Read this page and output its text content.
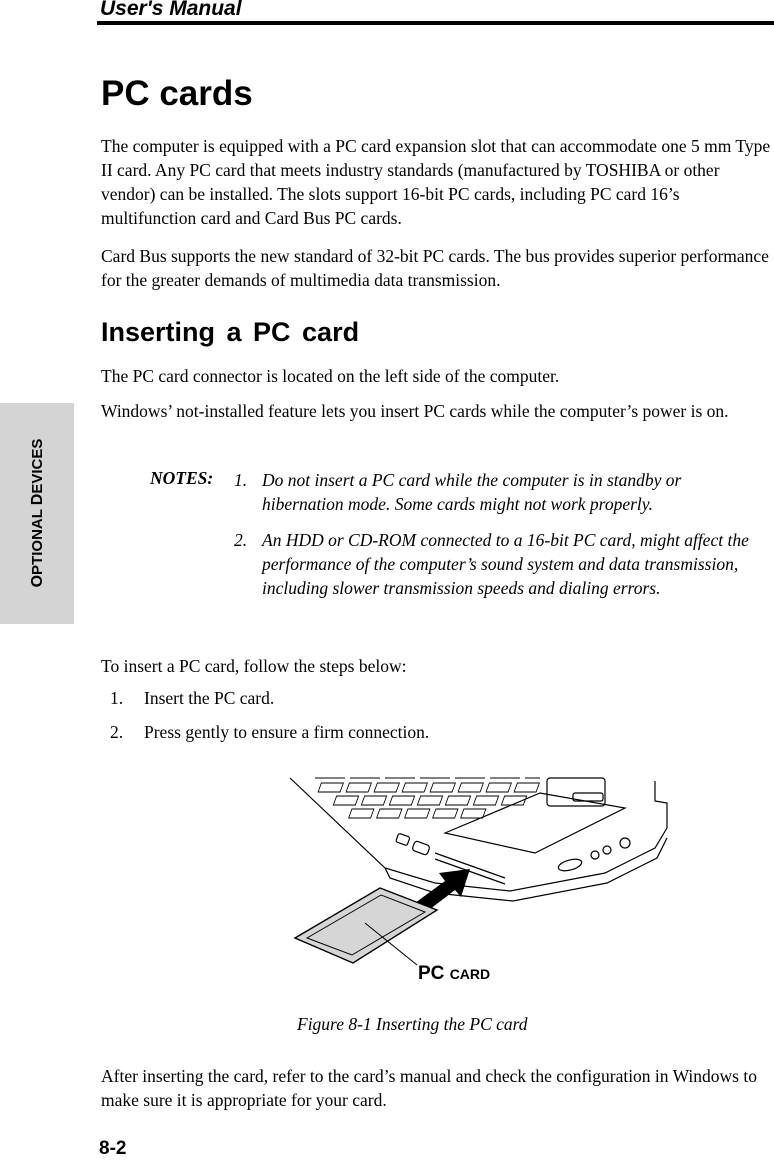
User's Manual
OPTIONAL DEVICES
PC cards

The computer is equipped with a PC card expansion slot that can accommodate one 5 mm Type II card. Any PC card that meets industry standards (manufactured by TOSHIBA or other vendor) can be installed. The slots support 16-bit PC cards, including PC card 16’s multifunction card and Card Bus PC cards.

Card Bus supports the new standard of 32-bit PC cards. The bus provides superior performance for the greater demands of multimedia data transmission.

Inserting a PC card

The PC card connector is located on the left side of the computer.

Windows’ not-installed feature lets you insert PC cards while the computer’s power is on.

NOTES: 1. Do not insert a PC card while the computer is in standby or hibernation mode. Some cards might not work properly.
2. An HDD or CD-ROM connected to a 16-bit PC card, might affect the performance of the computer’s sound system and data transmission, including slower transmission speeds and dialing errors.

To insert a PC card, follow the steps below:

1. Insert the PC card.
2. Press gently to ensure a firm connection.
PC CARD
Figure 8-1 Inserting the PC card

After inserting the card, refer to the card’s manual and check the configuration in Windows to make sure it is appropriate for your card.

8-2
